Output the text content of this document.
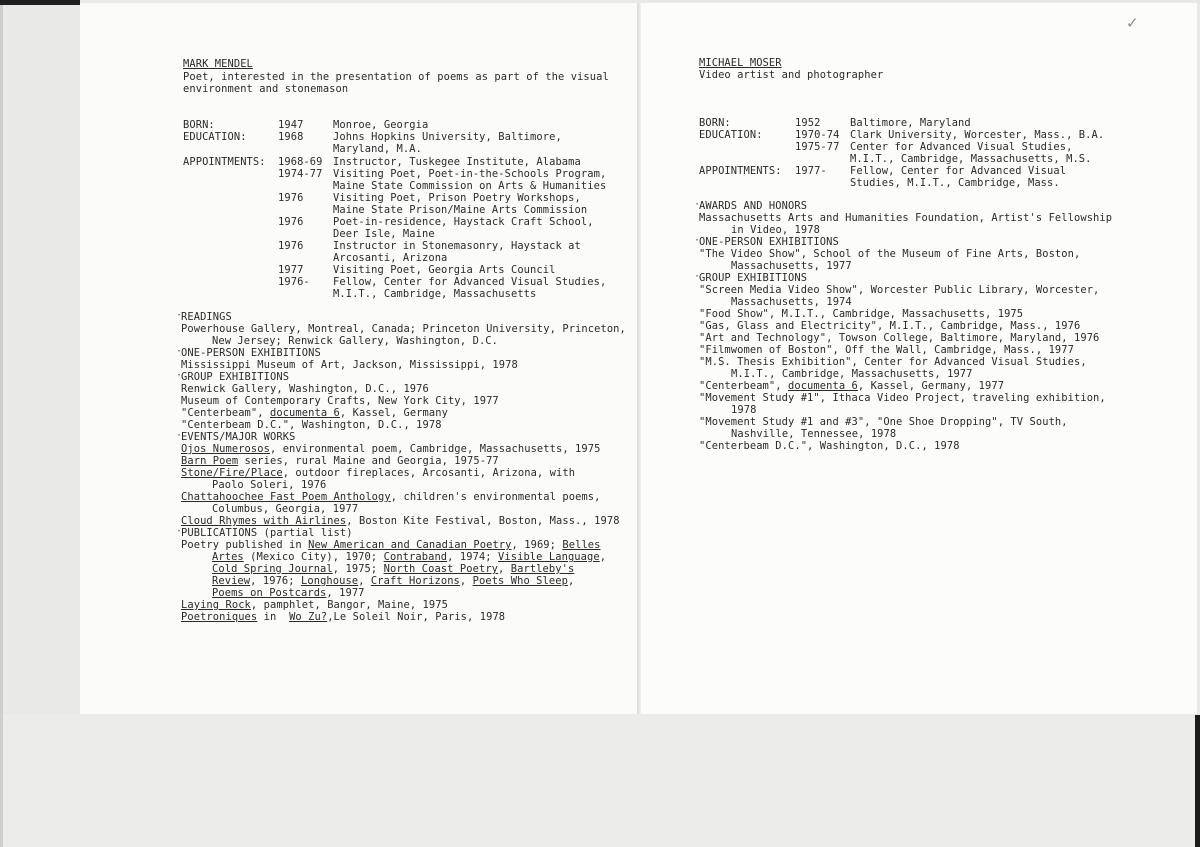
✓
MARK MENDEL
Poet, interested in the presentation of poems as part of the visual
environment and stonemason
BORN:	1947	Monroe, Georgia
EDUCATION:	1968	Johns Hopkins University, Baltimore,
Maryland, M.A.
APPOINTMENTS: 1968-69 Instructor, Tuskegee Institute, Alabama
1974-77 Visiting Poet, Poet-in-the-Schools Program,
Maine State Commission on Arts & Humanities
1976	Visiting Poet, Prison Poetry Workshops,
Maine State Prison/Maine Arts Commission
1976	Poet-in-residence, Haystack Craft School,
Deer Isle, Maine
1976	Instructor in Stonemasonry, Haystack at
Arcosanti, Arizona
1977	Visiting Poet, Georgia Arts Council
1976- Fellow, Center for Advanced Visual Studies,
M.I.T., Cambridge, Massachusetts
·
READINGS
Powerhouse Gallery, Montreal, Canada; Princeton University, Princeton,
New Jersey; Renwick Gallery, Washington, D.C.
·
ONE-PERSON EXHIBITIONS
Mississippi Museum of Art, Jackson, Mississippi, 1978
·
GROUP EXHIBITIONS
Renwick Gallery, Washington, D.C., 1976
Museum of Contemporary Crafts, New York City, 1977
"Centerbeam", documenta 6, Kassel, Germany
"Centerbeam D.C.", Washington, D.C., 1978
·
EVENTS/MAJOR WORKS
Ojos Numerosos, environmental poem, Cambridge, Massachusetts, 1975
Barn Poem series, rural Maine and Georgia, 1975-77
Stone/Fire/Place, outdoor fireplaces, Arcosanti, Arizona, with
Paolo Soleri, 1976
Chattahoochee Fast Poem Anthology, children's environmental poems,
Columbus, Georgia, 1977
Cloud Rhymes with Airlines, Boston Kite Festival, Boston, Mass., 1978
·
PUBLICATIONS (partial list)
Poetry published in New American and Canadian Poetry, 1969; Belles
Artes (Mexico City), 1970; Contraband, 1974; Visible Language,
Cold Spring Journal, 1975; North Coast Poetry, Bartleby's
Review, 1976; Longhouse, Craft Horizons, Poets Who Sleep,
Poems on Postcards, 1977
Laying Rock, pamphlet, Bangor, Maine, 1975
Poetroniques in  Wo Zu?,Le Soleil Noir, Paris, 1978
MICHAEL MOSER
Video artist and photographer
BORN:	1952	Baltimore, Maryland
EDUCATION:	1970-74 Clark University, Worcester, Mass., B.A.
1975-77 Center for Advanced Visual Studies,
M.I.T., Cambridge, Massachusetts, M.S.
APPOINTMENTS: 1977- Fellow, Center for Advanced Visual
Studies, M.I.T., Cambridge, Mass.
·
AWARDS AND HONORS
Massachusetts Arts and Humanities Foundation, Artist's Fellowship
in Video, 1978
·
ONE-PERSON EXHIBITIONS
"The Video Show", School of the Museum of Fine Arts, Boston,
Massachusetts, 1977
·
GROUP EXHIBITIONS
"Screen Media Video Show", Worcester Public Library, Worcester,
Massachusetts, 1974
"Food Show", M.I.T., Cambridge, Massachusetts, 1975
"Gas, Glass and Electricity", M.I.T., Cambridge, Mass., 1976
"Art and Technology", Towson College, Baltimore, Maryland, 1976
"Filmwomen of Boston", Off the Wall, Cambridge, Mass., 1977
"M.S. Thesis Exhibition", Center for Advanced Visual Studies,
M.I.T., Cambridge, Massachusetts, 1977
"Centerbeam", documenta 6, Kassel, Germany, 1977
"Movement Study #1", Ithaca Video Project, traveling exhibition,
1978
"Movement Study #1 and #3", "One Shoe Dropping", TV South,
Nashville, Tennessee, 1978
"Centerbeam D.C.", Washington, D.C., 1978
